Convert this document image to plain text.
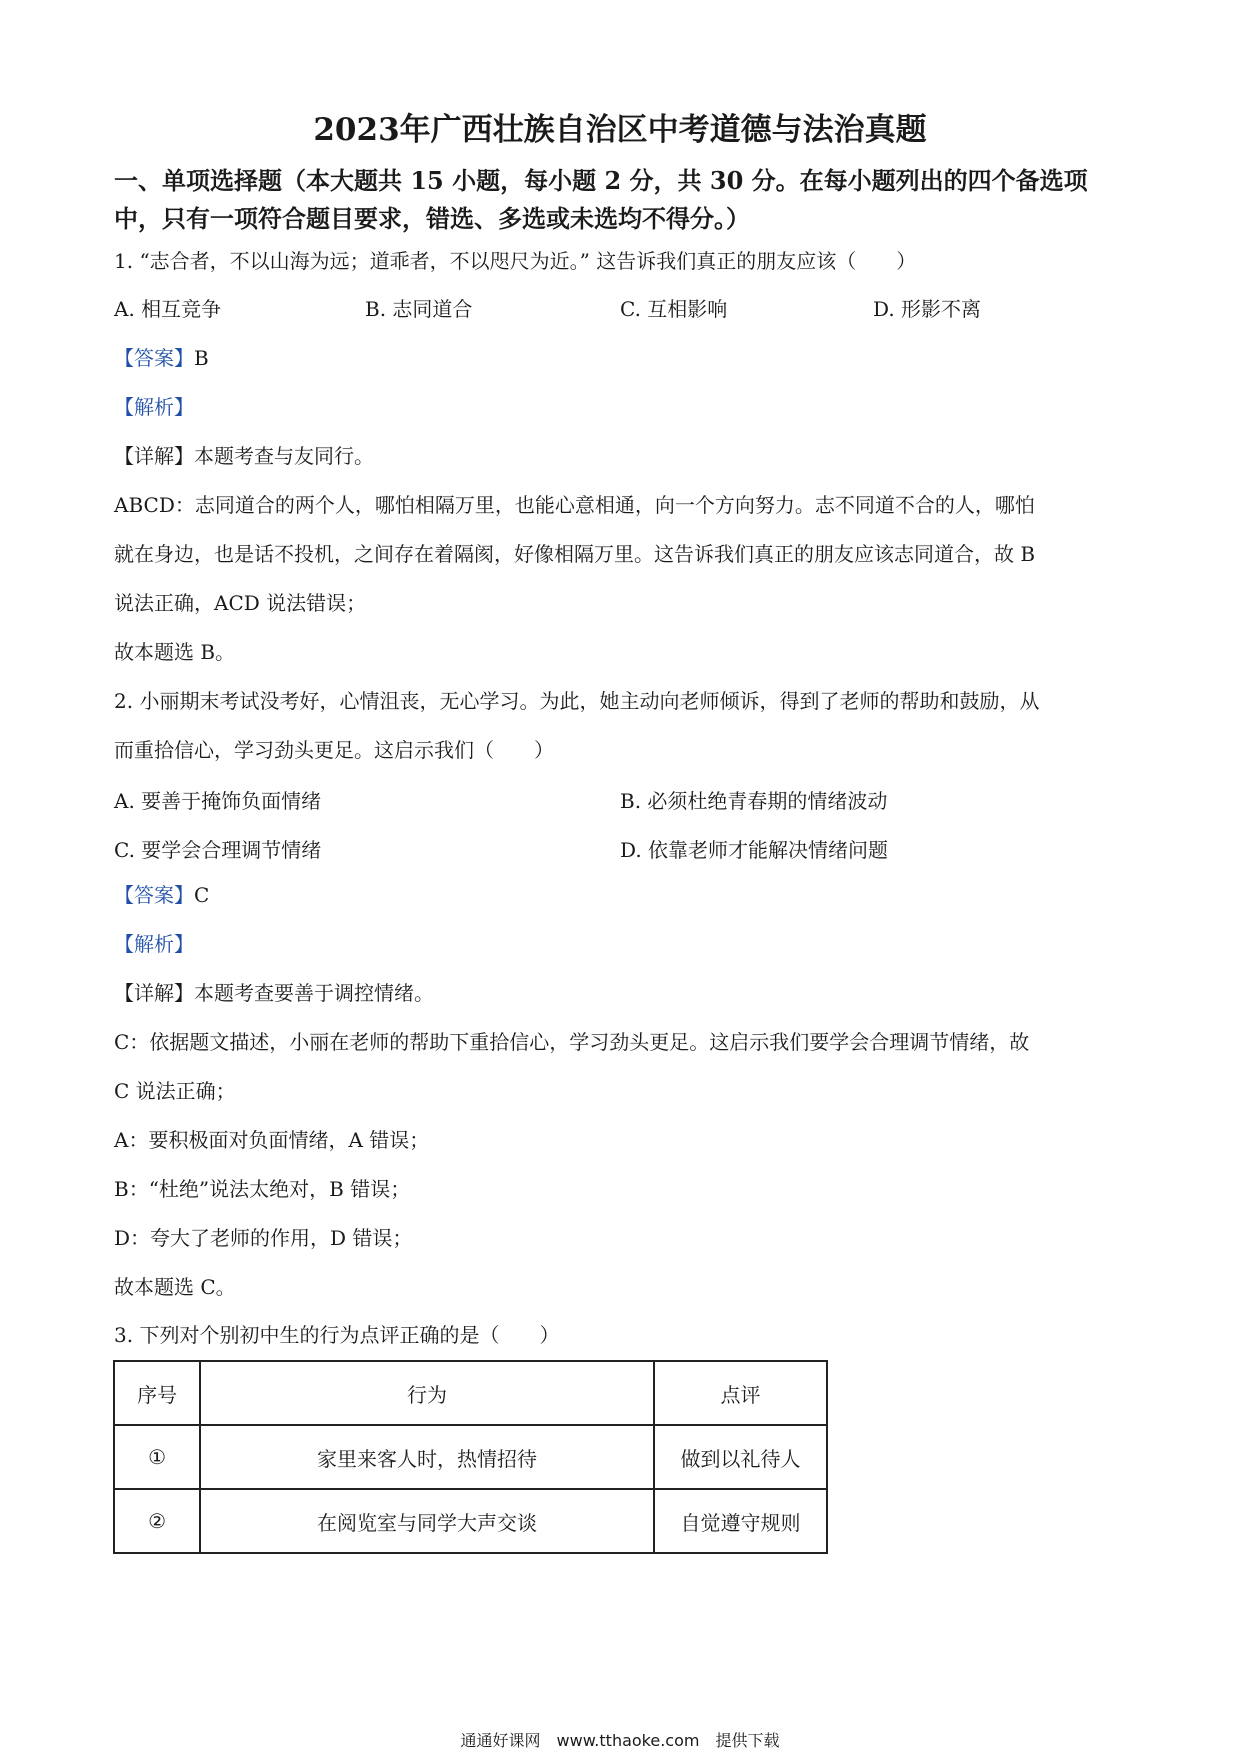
2023年广西壮族自治区中考道德与法治真题
一、单项选择题（本大题共 15 小题，每小题 2 分，共 30 分。在每小题列出的四个备选项
中，只有一项符合题目要求，错选、多选或未选均不得分。）
1. “志合者，不以山海为远；道乖者，不以咫尺为近。” 这告诉我们真正的朋友应该（　　）
A. 相互竞争	B. 志同道合	C. 互相影响	D. 形影不离
【答案】B
【解析】
【详解】本题考查与友同行。
ABCD：志同道合的两个人，哪怕相隔万里，也能心意相通，向一个方向努力。志不同道不合的人，哪怕
就在身边，也是话不投机，之间存在着隔阂，好像相隔万里。这告诉我们真正的朋友应该志同道合，故 B
说法正确，ACD 说法错误；
故本题选 B。
2. 小丽期末考试没考好，心情沮丧，无心学习。为此，她主动向老师倾诉，得到了老师的帮助和鼓励，从
而重拾信心，学习劲头更足。这启示我们（　　）
A. 要善于掩饰负面情绪	B. 必须杜绝青春期的情绪波动
C. 要学会合理调节情绪	D. 依靠老师才能解决情绪问题
【答案】C
【解析】
【详解】本题考查要善于调控情绪。
C：依据题文描述，小丽在老师的帮助下重拾信心，学习劲头更足。这启示我们要学会合理调节情绪，故
C 说法正确；
A：要积极面对负面情绪，A 错误；
B：“杜绝”说法太绝对，B 错误；
D：夸大了老师的作用，D 错误；
故本题选 C。
3. 下列对个别初中生的行为点评正确的是（　　）
序号	行为	点评
①	家里来客人时，热情招待	做到以礼待人
②	在阅览室与同学大声交谈	自觉遵守规则
通通好课网　www.tthaoke.com　提供下载
